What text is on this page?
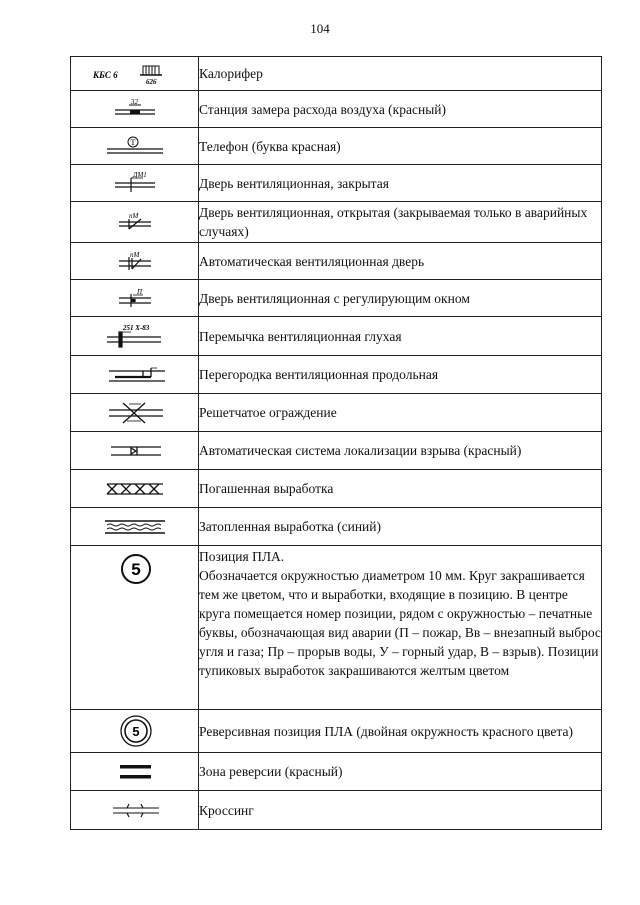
104
КБС 6
626	Калорифер

32	Станция замера расхода воздуха (красный)

Т	Телефон (буква красная)

ДМ1	Дверь вентиляционная, закрытая

пМ	Дверь вентиляционная, открытая (закрываемая только в аварийных случаях)

пМ	Автоматическая вентиляционная дверь

П	Дверь вентиляционная с регулирующим окном

251 Х-83	Перемычка вентиляционная глухая

	Перегородка вентиляционная продольная

	Решетчатое ограждение

	Автоматическая система локализации взрыва (красный)

	Погашенная выработка

	Затопленная выработка (синий)

5	Позиция ПЛА.
Обозначается окружностью диаметром 10 мм. Круг закрашивается тем же цветом, что и выработки, входящие в позицию. В центре круга помещается номер позиции, рядом с окружностью – печатные буквы, обозначающая вид аварии (П – пожар, Вв – внезапный выброс угля и газа; Пр – прорыв воды, У – горный удар, В – взрыв). Позиции тупиковых выработок закрашиваются желтым цветом

5	Реверсивная позиция ПЛА (двойная окружность красного цвета)

	Зона реверсии (красный)

	Кроссинг
